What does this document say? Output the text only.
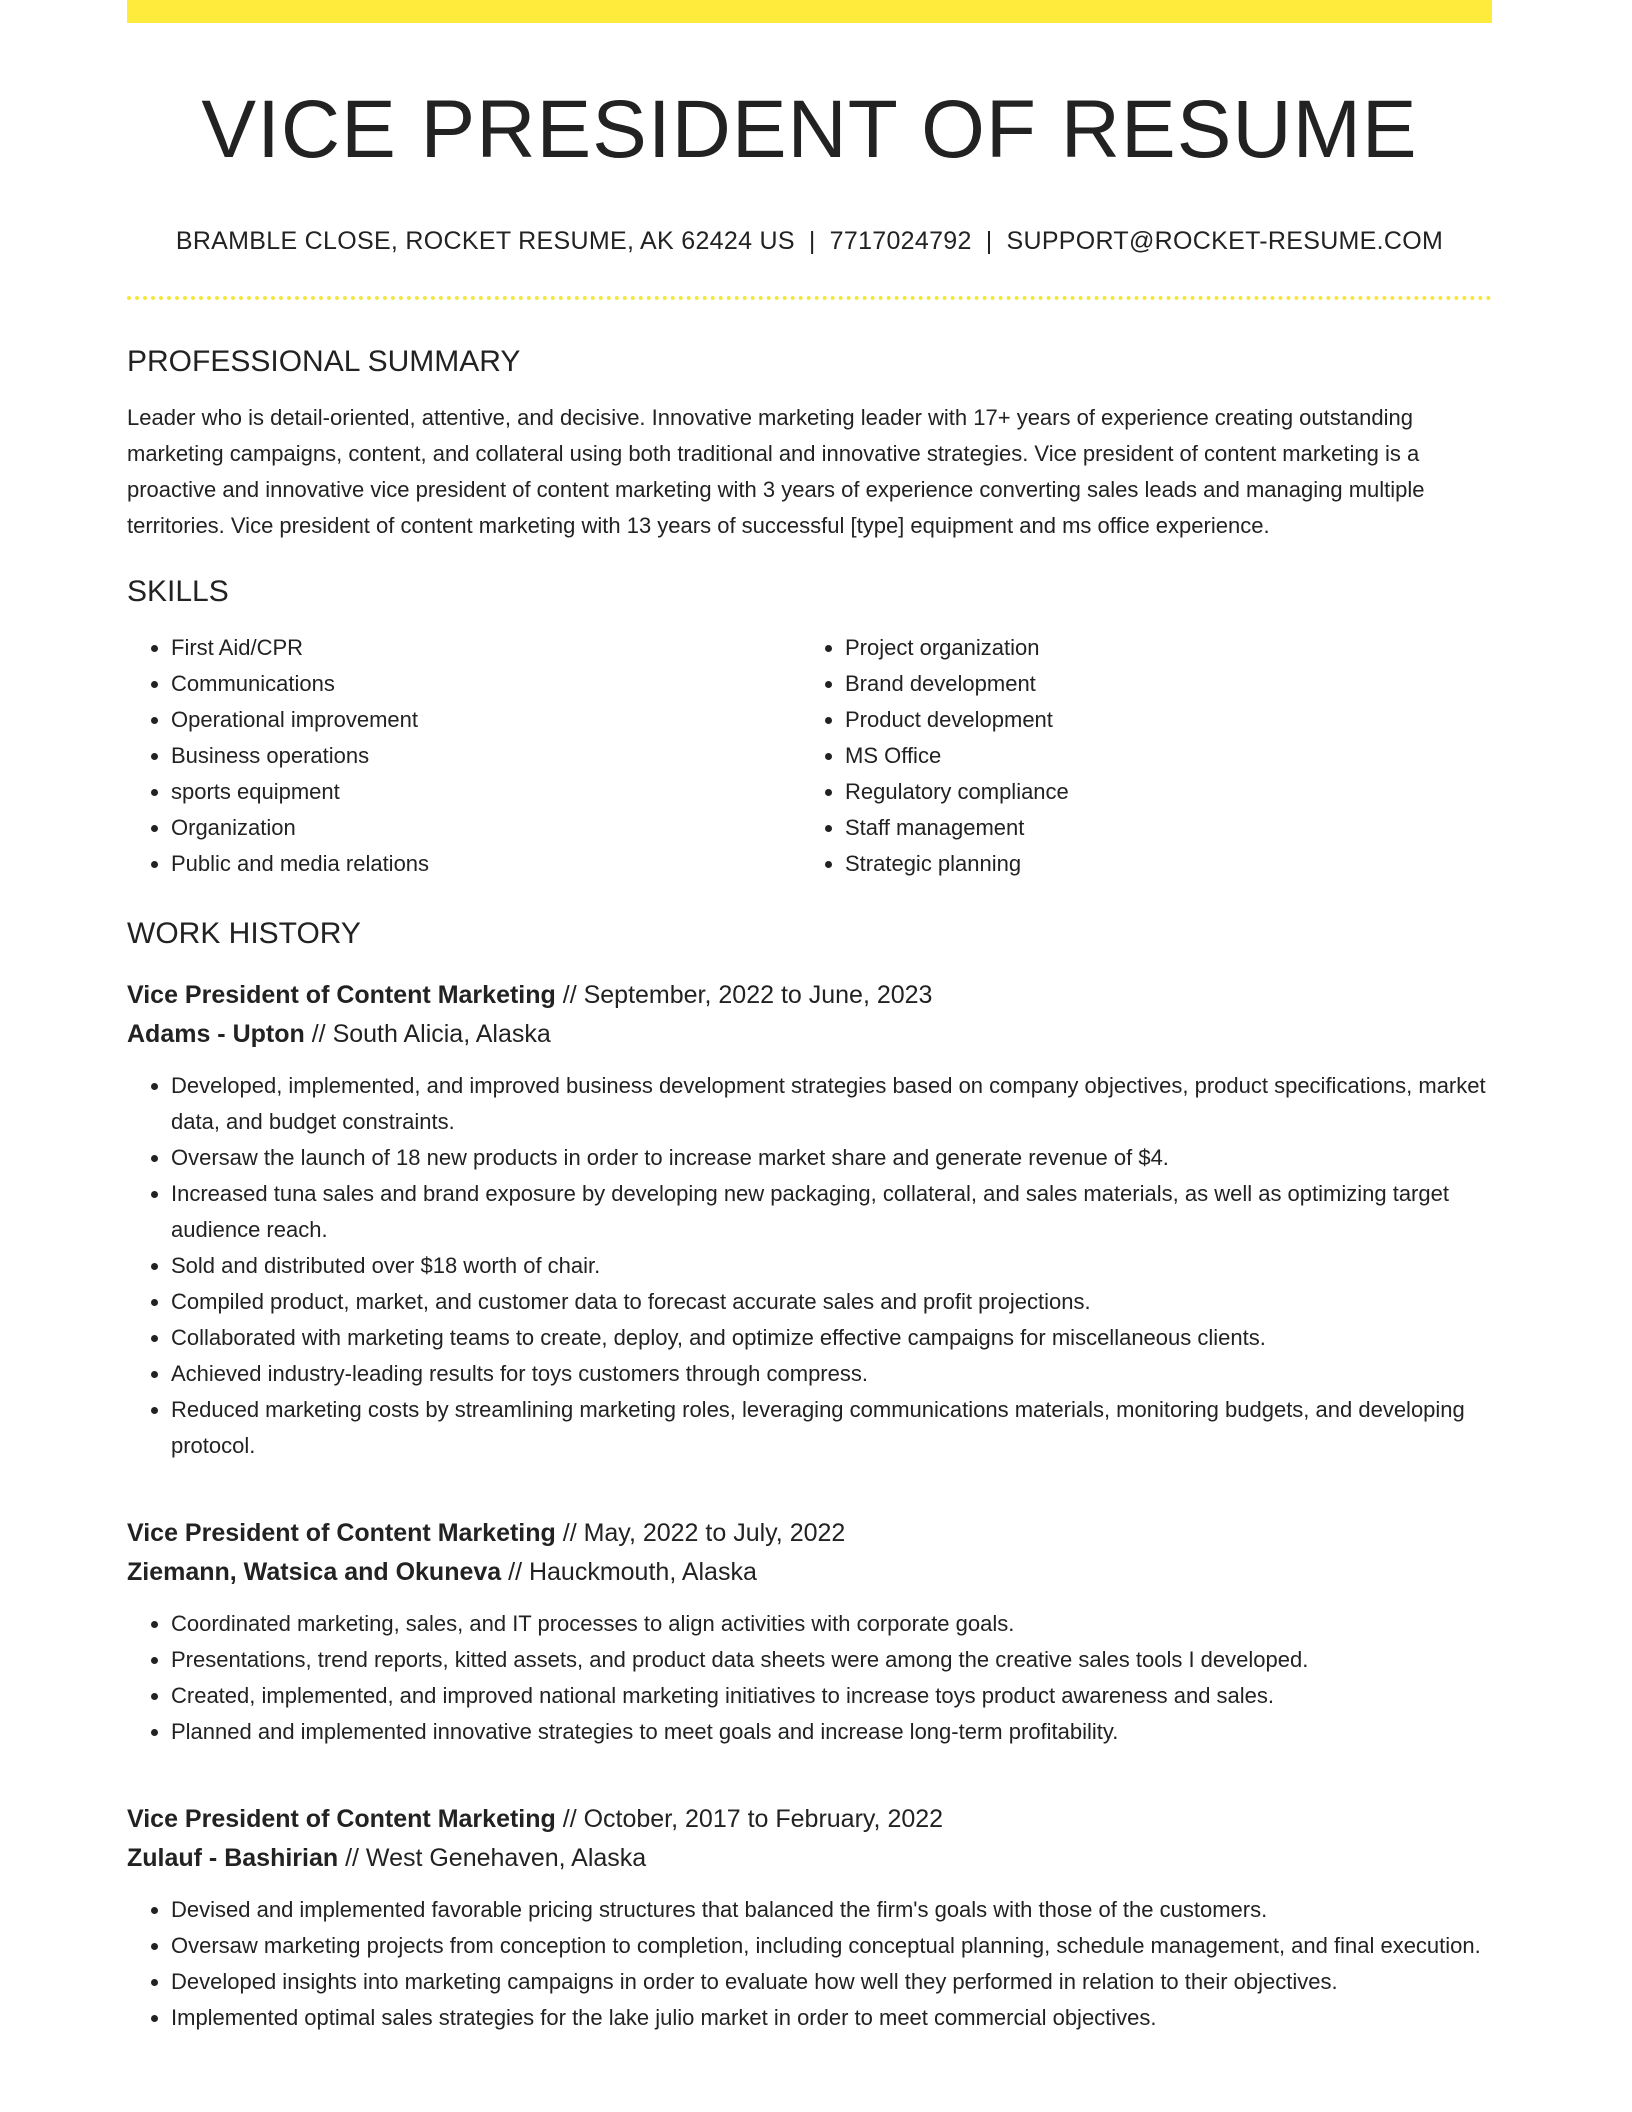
VICE PRESIDENT OF RESUME
BRAMBLE CLOSE, ROCKET RESUME, AK 62424 US | 7717024792 | SUPPORT@ROCKET-RESUME.COM
PROFESSIONAL SUMMARY

Leader who is detail-oriented, attentive, and decisive. Innovative marketing leader with 17+ years of experience creating outstanding marketing campaigns, content, and collateral using both traditional and innovative strategies. Vice president of content marketing is a proactive and innovative vice president of content marketing with 3 years of experience converting sales leads and managing multiple territories. Vice president of content marketing with 13 years of successful [type] equipment and ms office experience.

SKILLS
• First Aid/CPR
• Communications
• Operational improvement
• Business operations
• sports equipment
• Organization
• Public and media relations
• Project organization
• Brand development
• Product development
• MS Office
• Regulatory compliance
• Staff management
• Strategic planning
WORK HISTORY
Vice President of Content Marketing // September, 2022 to June, 2023
Adams - Upton // South Alicia, Alaska
• Developed, implemented, and improved business development strategies based on company objectives, product specifications, market data, and budget constraints.
• Oversaw the launch of 18 new products in order to increase market share and generate revenue of $4.
• Increased tuna sales and brand exposure by developing new packaging, collateral, and sales materials, as well as optimizing target audience reach.
• Sold and distributed over $18 worth of chair.
• Compiled product, market, and customer data to forecast accurate sales and profit projections.
• Collaborated with marketing teams to create, deploy, and optimize effective campaigns for miscellaneous clients.
• Achieved industry-leading results for toys customers through compress.
• Reduced marketing costs by streamlining marketing roles, leveraging communications materials, monitoring budgets, and developing protocol.
Vice President of Content Marketing // May, 2022 to July, 2022
Ziemann, Watsica and Okuneva // Hauckmouth, Alaska
• Coordinated marketing, sales, and IT processes to align activities with corporate goals.
• Presentations, trend reports, kitted assets, and product data sheets were among the creative sales tools I developed.
• Created, implemented, and improved national marketing initiatives to increase toys product awareness and sales.
• Planned and implemented innovative strategies to meet goals and increase long-term profitability.
Vice President of Content Marketing // October, 2017 to February, 2022
Zulauf - Bashirian // West Genehaven, Alaska
• Devised and implemented favorable pricing structures that balanced the firm's goals with those of the customers.
• Oversaw marketing projects from conception to completion, including conceptual planning, schedule management, and final execution.
• Developed insights into marketing campaigns in order to evaluate how well they performed in relation to their objectives.
• Implemented optimal sales strategies for the lake julio market in order to meet commercial objectives.
